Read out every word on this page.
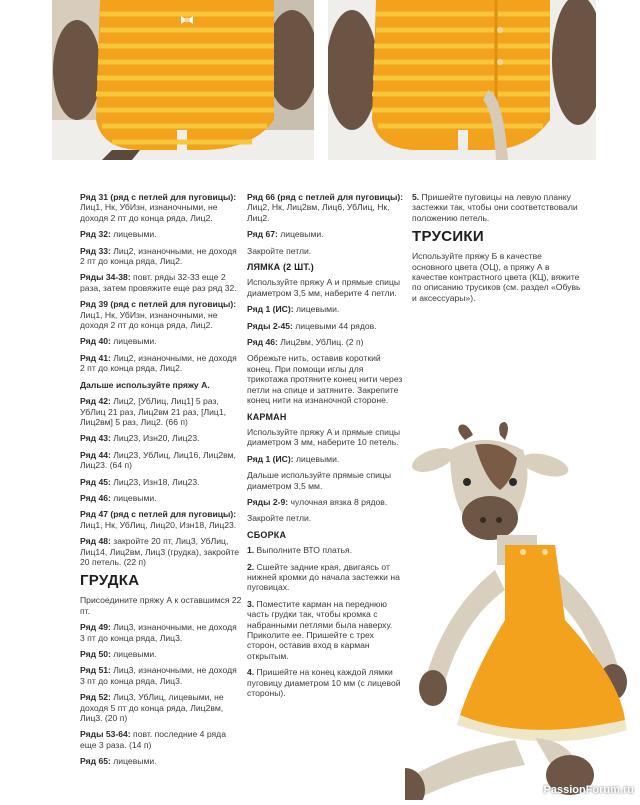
Ряд 31 (ряд с петлей для пуговицы):
Лиц1, Нк, УбИзн, изнаночными, не доходя 2 пт до конца ряда, Лиц2.
Ряд 32: лицевыми.
Ряд 33: Лиц2, изнаночными, не доходя 2 пт до конца ряда, Лиц2.
Ряды 34-38: повт. ряды 32-33 еще 2 раза, затем провяжите еще раз ряд 32.
Ряд 39 (ряд с петлей для пуговицы):
Лиц1, Нк, УбИзн, изнаночными, не доходя 2 пт до конца ряда, Лиц2.
Ряд 40: лицевыми.
Ряд 41: Лиц2, изнаночными, не доходя 2 пт до конца ряда, Лиц2.
Дальше используйте пряжу А.
Ряд 42: Лиц2, [УбЛиц, Лиц1] 5 раз, УбЛиц 21 раз, Лиц2вм 21 раз, [Лиц1, Лиц2вм] 5 раз, Лиц2. (66 п)
Ряд 43: Лиц23, Изн20, Лиц23.
Ряд 44: Лиц23, УбЛиц, Лиц16, Лиц2вм, Лиц23. (64 п)
Ряд 45: Лиц23, Изн18, Лиц23.
Ряд 46: лицевыми.
Ряд 47 (ряд с петлей для пуговицы):
Лиц1, Нк, УбЛиц, Лиц20, Изн18, Лиц23.
Ряд 48: закройте 20 пт, Лиц3, УбЛиц, Лиц14, Лиц2вм, Лиц3 (грудка), закройте 20 петель. (22 п)
ГРУДКА
Присоедините пряжу А к оставшимся 22 пт.
Ряд 49: Лиц3, изнаночными, не доходя 3 пт до конца ряда, Лиц3.
Ряд 50: лицевыми.
Ряд 51: Лиц3, изнаночными, не доходя 3 пт до конца ряда, Лиц3.
Ряд 52: Лиц3, УбЛиц, лицевыми, не доходя 5 пт до конца ряда, Лиц2вм, Лиц3. (20 п)
Ряды 53-64: повт. последние 4 ряда еще 3 раза. (14 п)
Ряд 65: лицевыми.
Ряд 66 (ряд с петлей для пуговицы):
Лиц2, Нк, Лиц2вм, Лиц6, УбЛиц, Нк, Лиц2.
Ряд 67: лицевыми.
Закройте петли.
ЛЯМКА (2 ШТ.)
Используйте пряжу А и прямые спицы диаметром 3,5 мм, наберите 4 петли.
Ряд 1 (ИС): лицевыми.
Ряды 2-45: лицевыми 44 рядов.
Ряд 46: Лиц2вм, УбЛиц. (2 п)
Обрежьте нить, оставив короткий конец. При помощи иглы для трикотажа протяните конец нити через петли на спице и затяните. Закрепите конец нити на изнаночной стороне.
КАРМАН
Используйте пряжу А и прямые спицы диаметром 3 мм, наберите 10 петель.
Ряд 1 (ИС): лицевыми.
Дальше используйте прямые спицы диаметром 3,5 мм.
Ряды 2-9: чулочная вязка 8 рядов.
Закройте петли.
СБОРКА
1. Выполните ВТО платья.
2. Сшейте задние края, двигаясь от нижней кромки до начала застежки на пуговицах.
3. Поместите карман на переднюю часть грудки так, чтобы кромка с набранными петлями была наверху. Приколите ее. Пришейте с трех сторон, оставив вход в карман открытым.
4. Пришейте на конец каждой лямки пуговицу диаметром 10 мм (с лицевой стороны).
5. Пришейте пуговицы на левую планку застежки так, чтобы они соответствовали положению петель.
ТРУСИКИ
Используйте пряжу Б в качестве основного цвета (ОЦ), а пряжу А в качестве контрастного цвета (КЦ), вяжите по описанию трусиков (см. раздел «Обувь и аксессуары»).
PassionForum.ru
